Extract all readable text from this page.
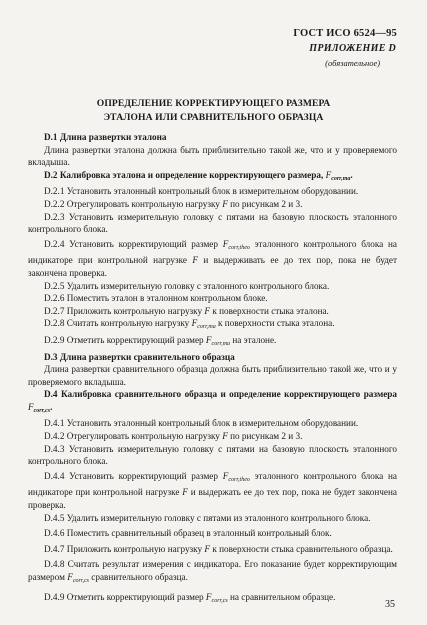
ГОСТ ИСО 6524—95
ПРИЛОЖЕНИЕ D
(обязательное)
ОПРЕДЕЛЕНИЕ КОРРЕКТИРУЮЩЕГО РАЗМЕРА
ЭТАЛОНА ИЛИ СРАВНИТЕЛЬНОГО ОБРАЗЦА

D.1 Длина развертки эталона

Длина развертки эталона должна быть приблизительно такой же, что и у проверяемого вкладыша.

D.2 Калибровка эталона и определение корректирующего размера, $F_{corr,ma}$.

D.2.1 Установить эталонный контрольный блок в измерительном оборудовании.

D.2.2 Отрегулировать контрольную нагрузку F по рисункам 2 и 3.

D.2.3 Установить измерительную головку с пятами на базовую плоскость эталонного контрольного блока.

D.2.4 Установить корректирующий размер $F_{corr,theo}$ эталонного контрольного блока на индикаторе при контрольной нагрузке F и выдерживать ее до тех пор, пока не будет закончена проверка.

D.2.5 Удалить измерительную головку с эталонного контрольного блока.

D.2.6 Поместить эталон в эталонном контрольном блоке.

D.2.7 Приложить контрольную нагрузку F к поверхности стыка эталона.

D.2.8 Считать контрольную нагрузку $F_{corr,ma}$ к поверхности стыка эталона.

D.2.9 Отметить корректирующий размер $F_{corr,ma}$ на эталоне.

D.3 Длина развертки сравнительного образца

Длина развертки сравнительного образца должна быть приблизительно такой же, что и у проверяемого вкладыша.

D.4 Калибровка сравнительного образца и определение корректирующего размера $F_{corr,cs}$.

D.4.1 Установить эталонный контрольный блок в измерительном оборудовании.

D.4.2 Отрегулировать контрольную нагрузку F по рисункам 2 и 3.

D.4.3 Установить измерительную головку с пятами на базовую плоскость эталонного контрольного блока.

D.4.4 Установить корректирующий размер $F_{corr,theo}$ эталонного контрольного блока на индикаторе при контрольной нагрузке F и выдержать ее до тех пор, пока не будет закончена проверка.

D.4.5 Удалить измерительную головку с пятами из эталонного контрольного блока.

D.4.6 Поместить сравнительный образец в эталонный контрольный блок.

D.4.7 Приложить контрольную нагрузку F к поверхности стыка сравнительного образца.

D.4.8 Считать результат измерения с индикатора. Его показание будет корректирующим размером $F_{corr,cs}$ сравнительного образца.

D.4.9 Отметить корректирующий размер $F_{corr,cs}$ на сравнительном образце.

35
